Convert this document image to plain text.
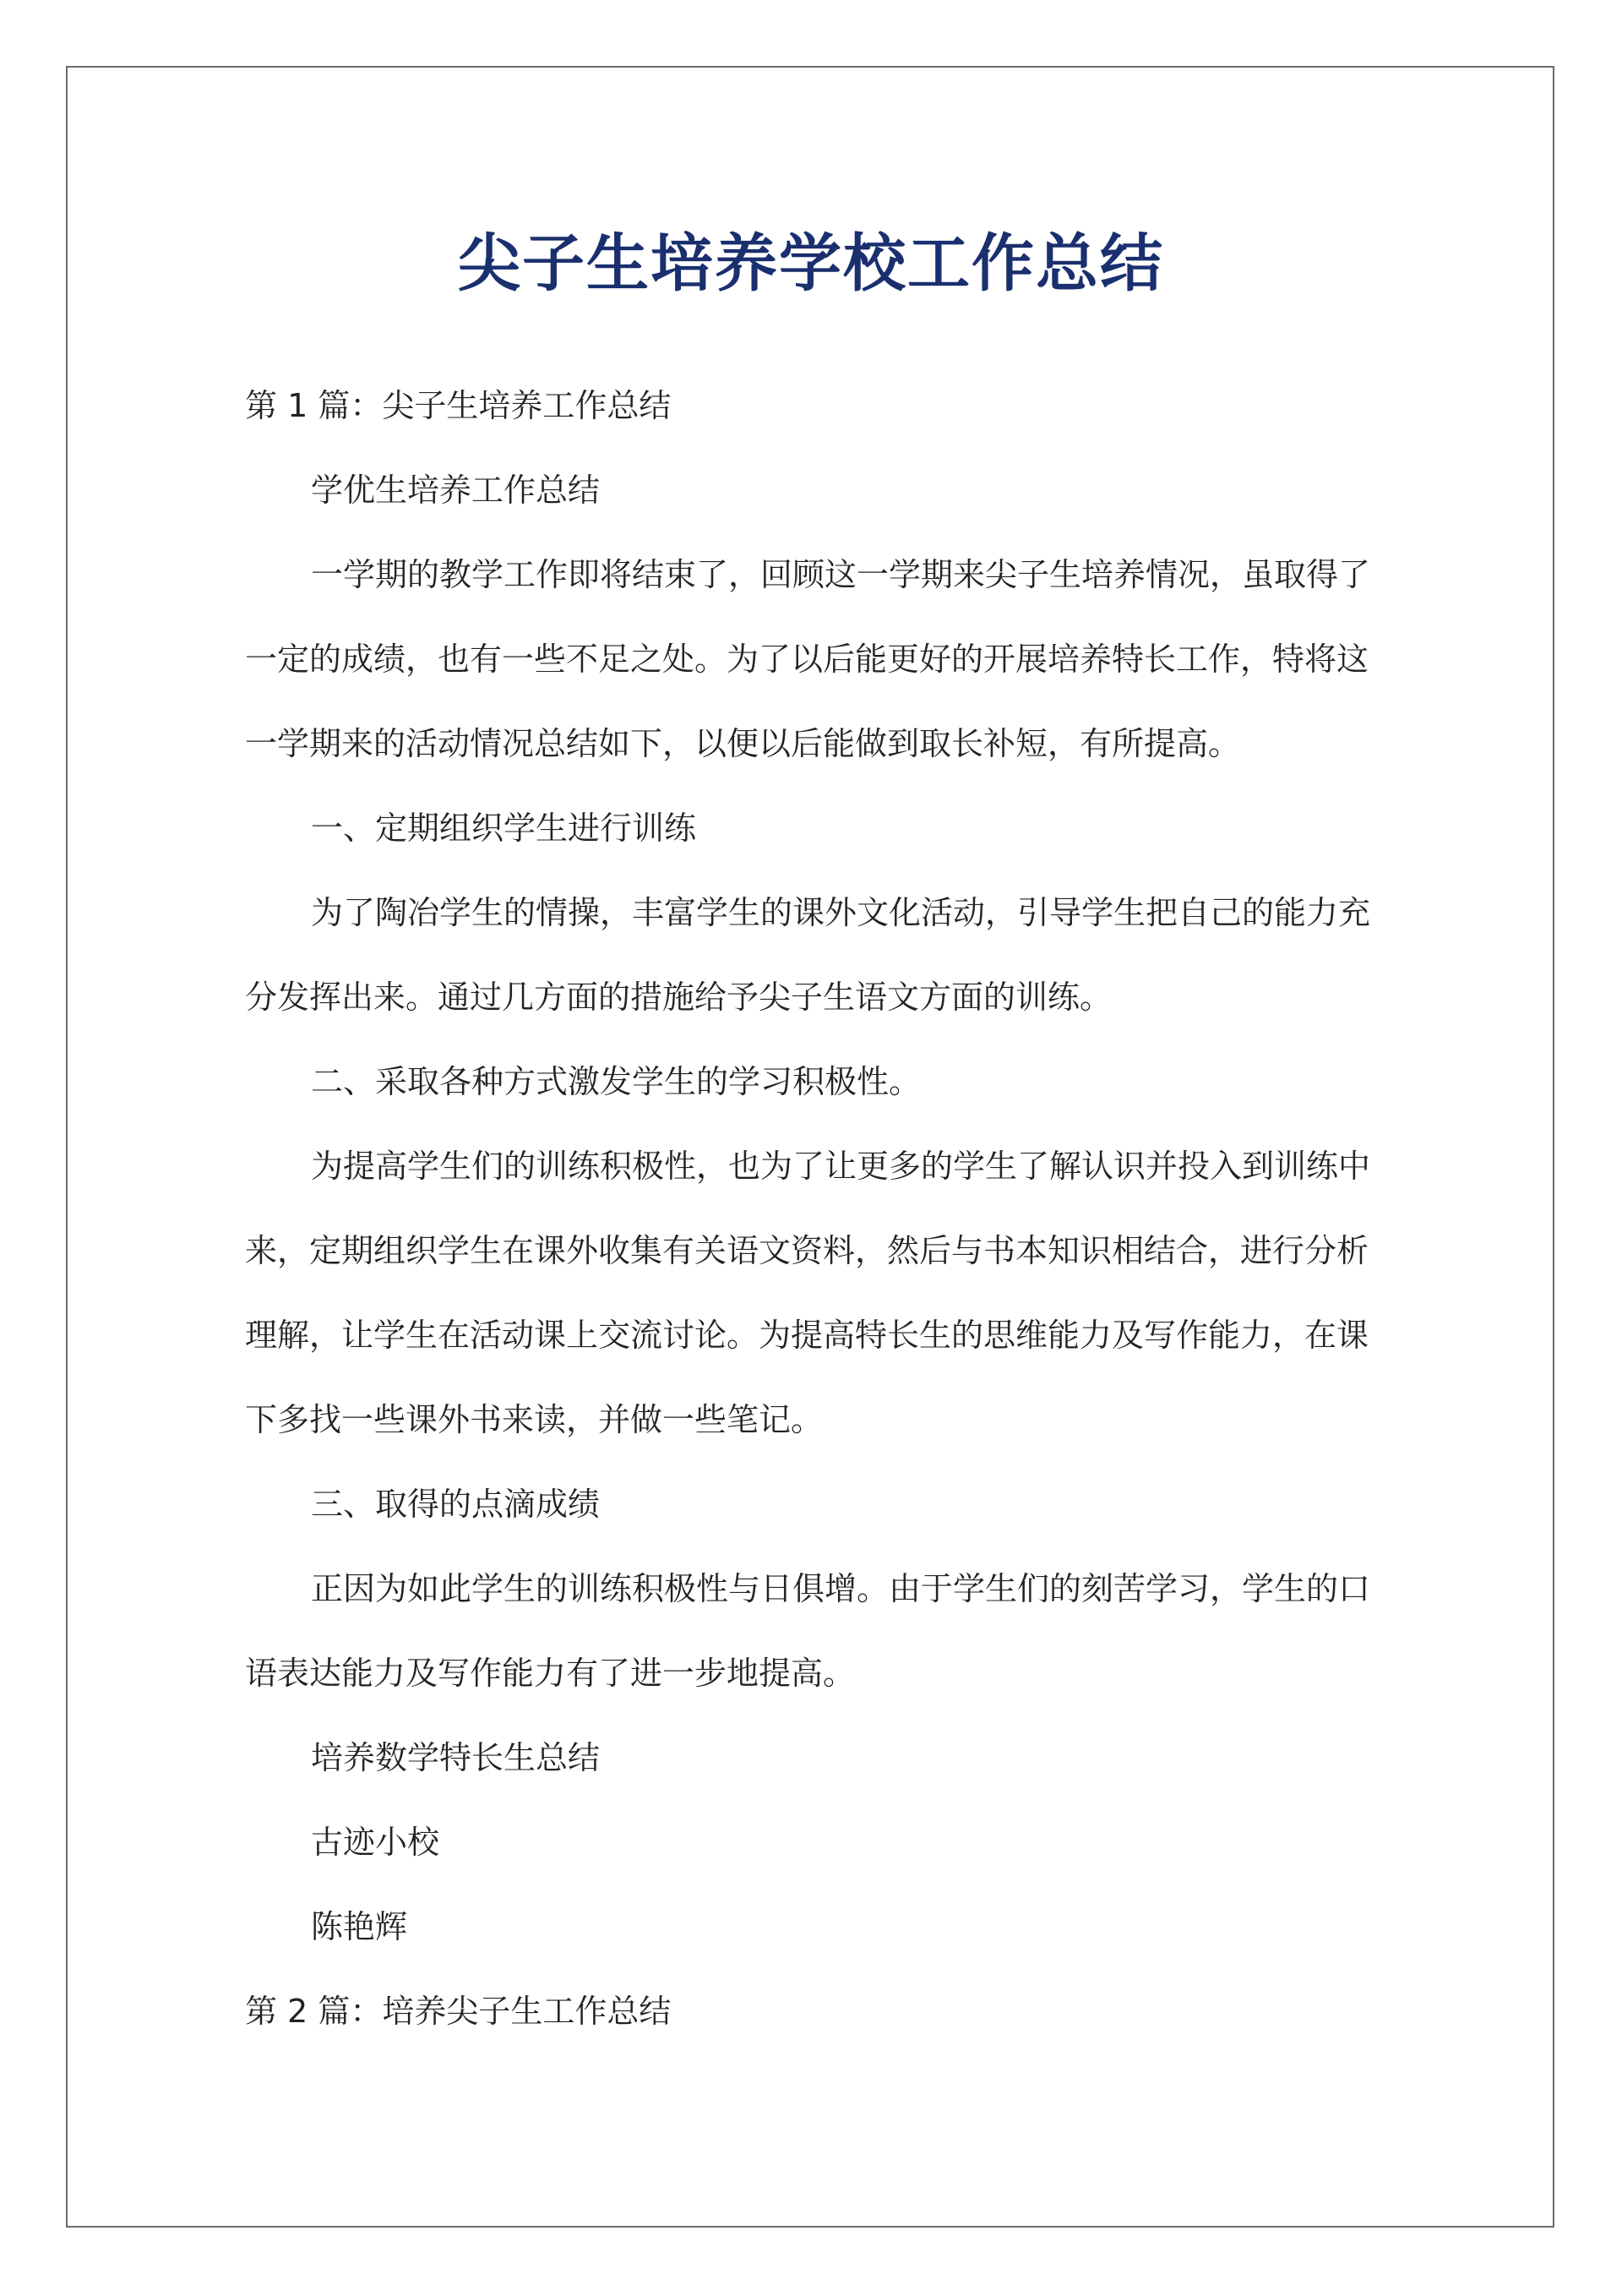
尖子生培养学校工作总结
第 1 篇：尖子生培养工作总结
学优生培养工作总结
一学期的教学工作即将结束了，回顾这一学期来尖子生培养情况，虽取得了
一定的成绩，也有一些不足之处。为了以后能更好的开展培养特长工作，特将这
一学期来的活动情况总结如下，以便以后能做到取长补短，有所提高。
一、定期组织学生进行训练
为了陶冶学生的情操，丰富学生的课外文化活动，引导学生把自己的能力充
分发挥出来。通过几方面的措施给予尖子生语文方面的训练。
二、采取各种方式激发学生的学习积极性。
为提高学生们的训练积极性，也为了让更多的学生了解认识并投入到训练中
来，定期组织学生在课外收集有关语文资料，然后与书本知识相结合，进行分析
理解，让学生在活动课上交流讨论。为提高特长生的思维能力及写作能力，在课
下多找一些课外书来读，并做一些笔记。
三、取得的点滴成绩
正因为如此学生的训练积极性与日俱增。由于学生们的刻苦学习，学生的口
语表达能力及写作能力有了进一步地提高。
培养数学特长生总结
古迹小校
陈艳辉
第 2 篇：培养尖子生工作总结
